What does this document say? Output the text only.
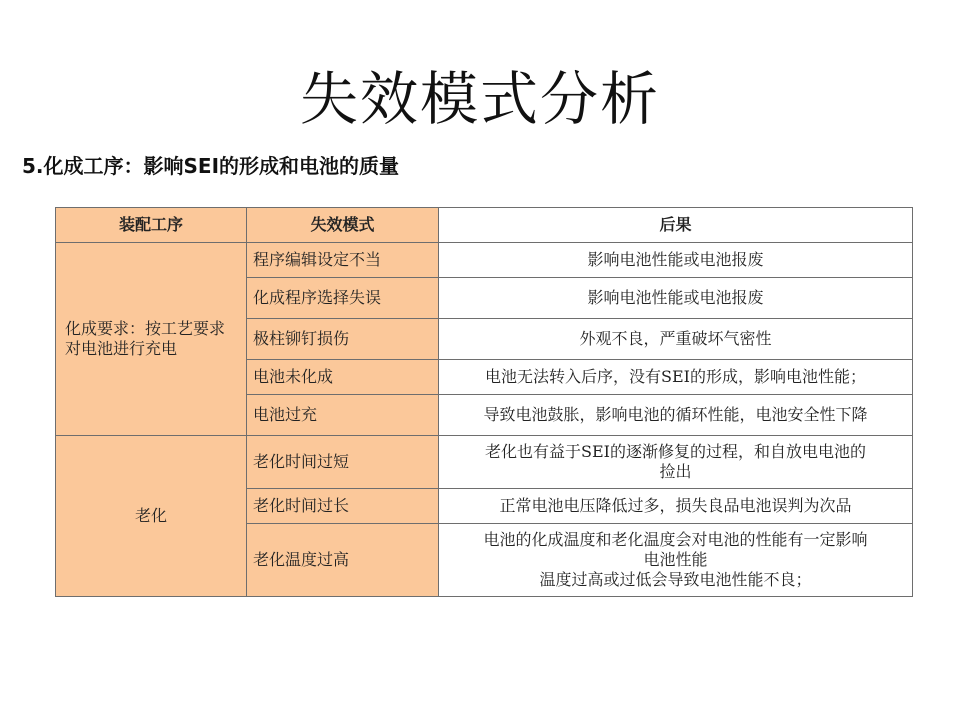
失效模式分析
5.化成工序：影响SEI的形成和电池的质量
装配工序	失效模式	后果
化成要求：按工艺要求对电池进行充电	程序编辑设定不当	影响电池性能或电池报废
	化成程序选择失误	影响电池性能或电池报废
	极柱铆钉损伤	外观不良，严重破坏气密性
	电池未化成	电池无法转入后序，没有SEI的形成，影响电池性能；
	电池过充	导致电池鼓胀，影响电池的循环性能，电池安全性下降
老化	老化时间过短	老化也有益于SEI的逐渐修复的过程，和自放电电池的
捡出

	老化时间过长	正常电池电压降低过多，损失良品电池误判为次品
	老化温度过高	电池的化成温度和老化温度会对电池的性能有一定影响
电池性能
温度过高或过低会导致电池性能不良；
